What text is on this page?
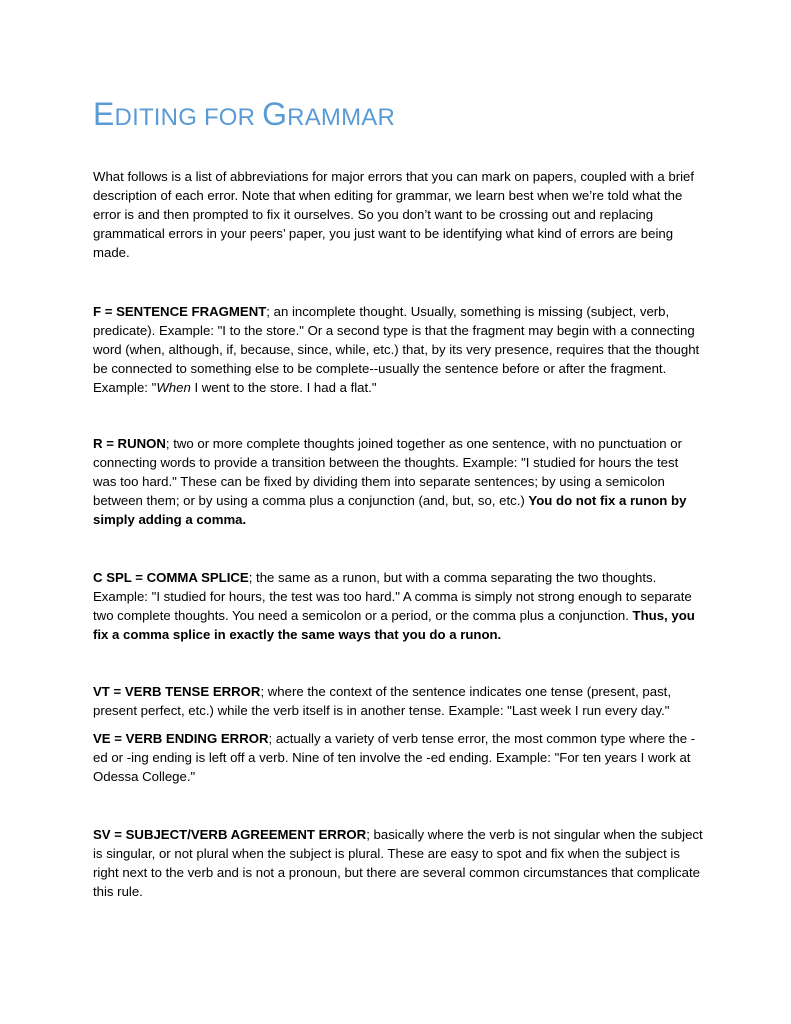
EDITING FOR GRAMMAR

What follows is a list of abbreviations for major errors that you can mark on papers, coupled with a brief description of each error. Note that when editing for grammar, we learn best when we’re told what the error is and then prompted to fix it ourselves. So you don’t want to be crossing out and replacing grammatical errors in your peers’ paper, you just want to be identifying what kind of errors are being made.

F = SENTENCE FRAGMENT; an incomplete thought. Usually, something is missing (subject, verb, predicate). Example: "I to the store." Or a second type is that the fragment may begin with a connecting word (when, although, if, because, since, while, etc.) that, by its very presence, requires that the thought be connected to something else to be complete--usually the sentence before or after the fragment. Example: "When I went to the store. I had a flat."

R = RUNON; two or more complete thoughts joined together as one sentence, with no punctuation or connecting words to provide a transition between the thoughts. Example: "I studied for hours the test was too hard." These can be fixed by dividing them into separate sentences; by using a semicolon between them; or by using a comma plus a conjunction (and, but, so, etc.) You do not fix a runon by simply adding a comma.

C SPL = COMMA SPLICE; the same as a runon, but with a comma separating the two thoughts. Example: "I studied for hours, the test was too hard." A comma is simply not strong enough to separate two complete thoughts. You need a semicolon or a period, or the comma plus a conjunction. Thus, you fix a comma splice in exactly the same ways that you do a runon.

VT = VERB TENSE ERROR; where the context of the sentence indicates one tense (present, past, present perfect, etc.) while the verb itself is in another tense. Example: "Last week I run every day."

VE = VERB ENDING ERROR; actually a variety of verb tense error, the most common type where the -ed or -ing ending is left off a verb. Nine of ten involve the -ed ending. Example: "For ten years I work at Odessa College."

SV = SUBJECT/VERB AGREEMENT ERROR; basically where the verb is not singular when the subject is singular, or not plural when the subject is plural. These are easy to spot and fix when the subject is right next to the verb and is not a pronoun, but there are several common circumstances that complicate this rule.
